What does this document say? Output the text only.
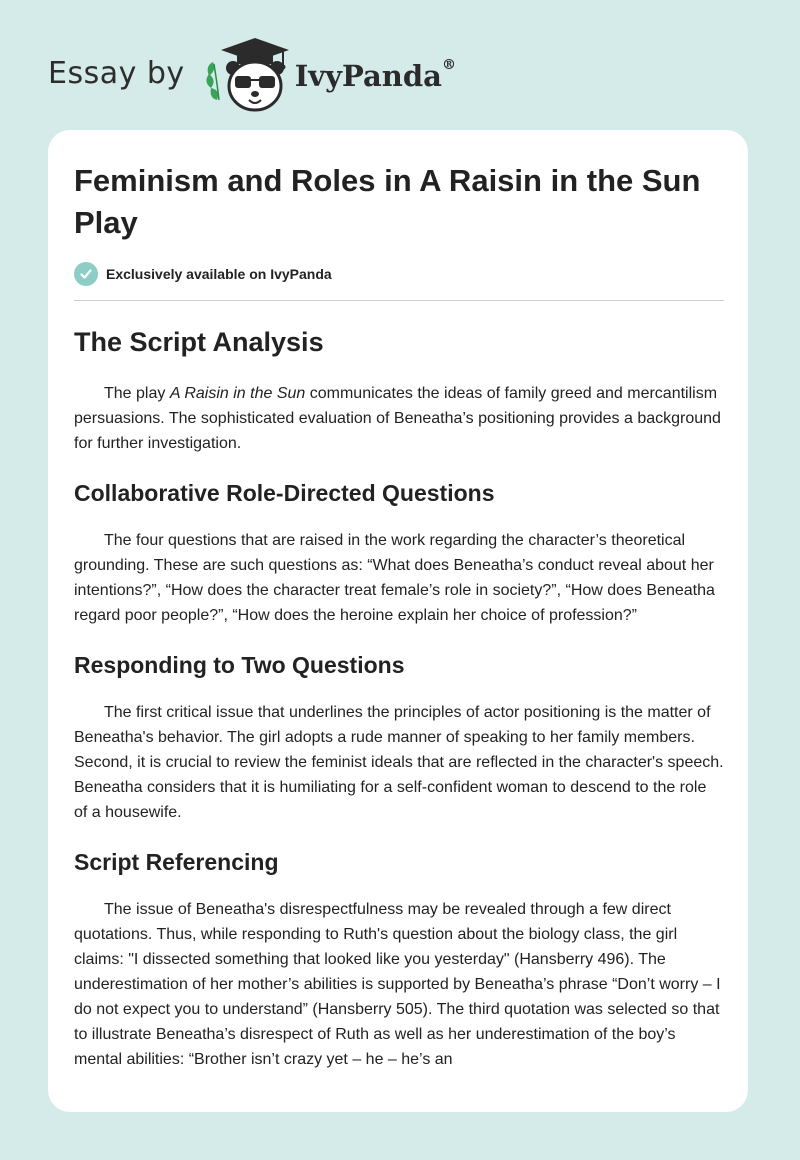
Essay by	IvyPanda®
Feminism and Roles in A Raisin in the Sun Play
Exclusively available on IvyPanda
The Script Analysis

The play A Raisin in the Sun communicates the ideas of family greed and mercantilism persuasions. The sophisticated evaluation of Beneatha’s positioning provides a background for further investigation.

Collaborative Role-Directed Questions

The four questions that are raised in the work regarding the character’s theoretical grounding. These are such questions as: “What does Beneatha’s conduct reveal about her intentions?”, “How does the character treat female’s role in society?”, “How does Beneatha regard poor people?”, “How does the heroine explain her choice of profession?”

Responding to Two Questions

The first critical issue that underlines the principles of actor positioning is the matter of Beneatha's behavior. The girl adopts a rude manner of speaking to her family members. Second, it is crucial to review the feminist ideals that are reflected in the character's speech. Beneatha considers that it is humiliating for a self-confident woman to descend to the role of a housewife.

Script Referencing

The issue of Beneatha's disrespectfulness may be revealed through a few direct quotations. Thus, while responding to Ruth's question about the biology class, the girl claims: "I dissected something that looked like you yesterday" (Hansberry 496). The underestimation of her mother’s abilities is supported by Beneatha’s phrase “Don’t worry – I do not expect you to understand” (Hansberry 505). The third quotation was selected so that to illustrate Beneatha’s disrespect of Ruth as well as her underestimation of the boy’s mental abilities: “Brother isn’t crazy yet – he – he’s an
